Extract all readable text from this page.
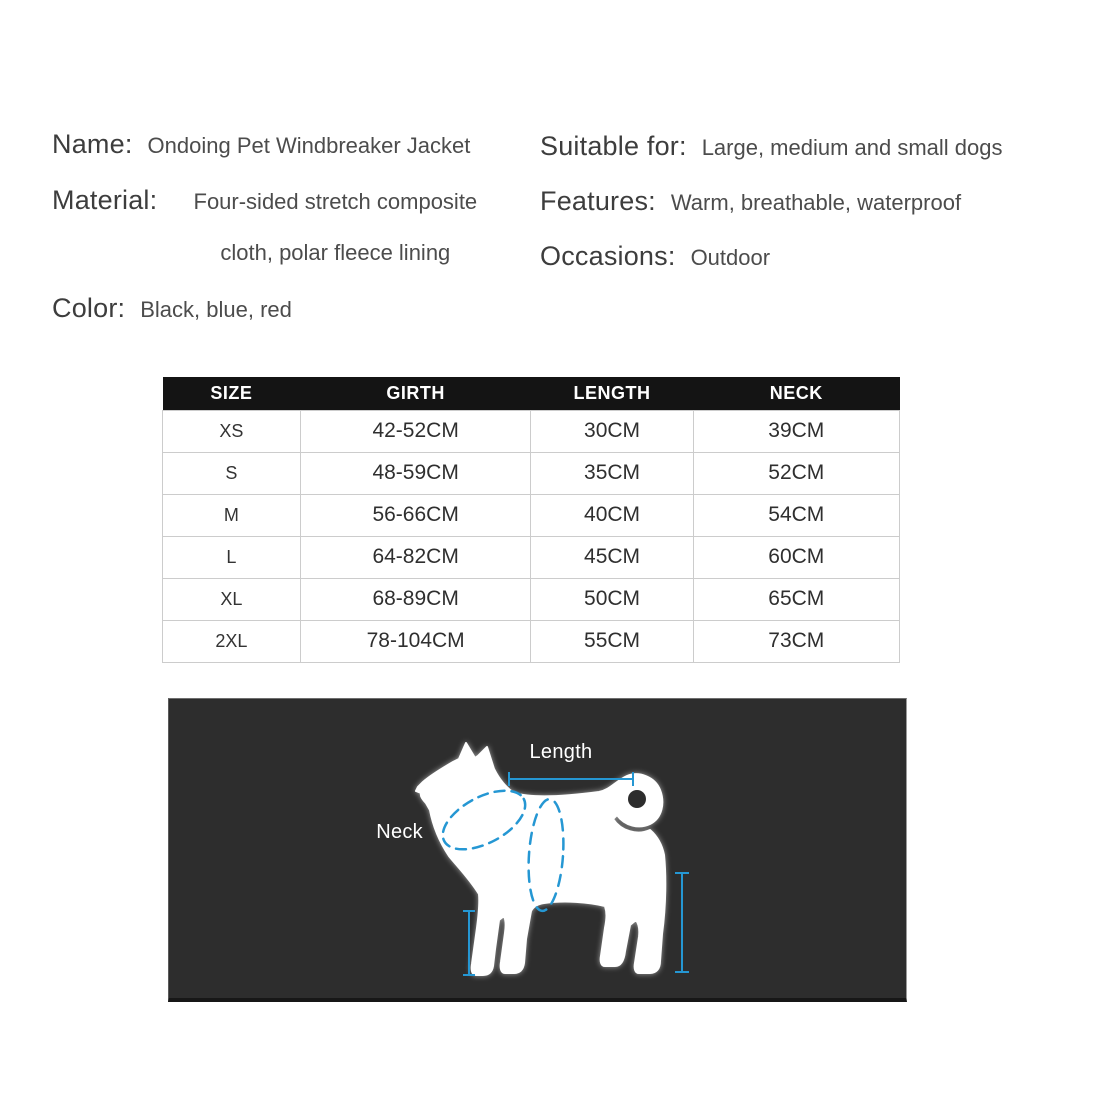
Name: Ondoing Pet Windbreaker Jacket
Material:	Four-sided stretch composite cloth, polar fleece lining
Color: Black, blue, red
Suitable for: Large, medium and small dogs
Features: Warm, breathable, waterproof
Occasions: Outdoor
SIZE	GIRTH	LENGTH	NECK
XS	42-52CM	30CM	39CM
S	48-59CM	35CM	52CM
M	56-66CM	40CM	54CM
L	64-82CM	45CM	60CM
XL	68-89CM	50CM	65CM
2XL	78-104CM	55CM	73CM
Length
Neck
Girth
